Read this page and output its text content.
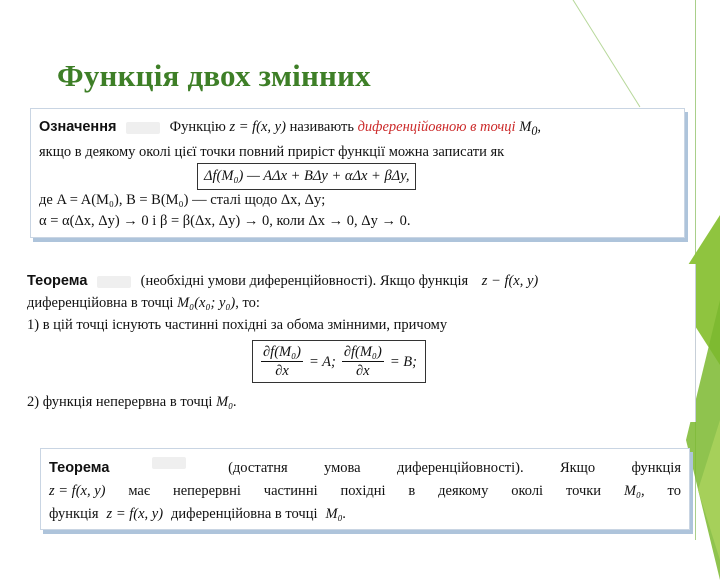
Функція двох змінних
Означення	Функцію z = f(x, y) називають диференційовною в точці $M_0$,
якщо в деякому околі цієї точки повний приріст функції можна записати як
Δf(M₀) — AΔx + BΔy + αΔx + βΔy,
де A = A(M₀), B = B(M₀) — сталі щодо Δx, Δy;
α = α(Δx, Δy) → 0 і β = β(Δx, Δy) → 0, коли Δx → 0, Δy → 0.
Теорема	(необхідні умови диференційовності). Якщо функція z − f(x, y)
диференційовна в точці M₀(x₀; y₀), то:
1) в цій точці існують частинні похідні за обома змінними, причому
$\frac{\text{∂f(M₀)}}{\partial x} = A$; $\frac{\text{∂f(M₀)}}{\partial x} = B$;
2) функція неперервна в точці M₀.
Теорема	(достатня	умова	диференційовності).	Якщо	функція
z = f(x, y) має неперервні частинні похідні в деякому околі точки M₀, то
функція z = f(x, y) диференційовна в точці M₀.
